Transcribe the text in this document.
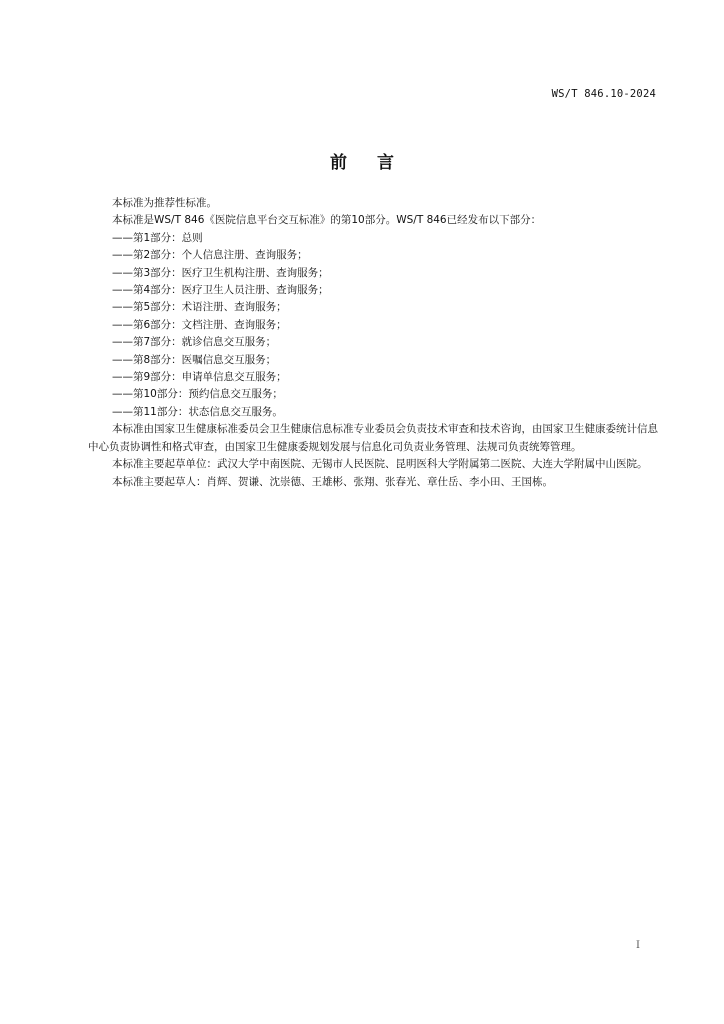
WS/T 846.10-2024
前言

本标准为推荐性标准。

本标准是WS/T 846《医院信息平台交互标准》的第10部分。WS/T 846已经发布以下部分：

——第1部分：总则

——第2部分：个人信息注册、查询服务；

——第3部分：医疗卫生机构注册、查询服务；

——第4部分：医疗卫生人员注册、查询服务；

——第5部分：术语注册、查询服务；

——第6部分：文档注册、查询服务；

——第7部分：就诊信息交互服务；

——第8部分：医嘱信息交互服务；

——第9部分：申请单信息交互服务；

——第10部分：预约信息交互服务；

——第11部分：状态信息交互服务。

本标准由国家卫生健康标准委员会卫生健康信息标准专业委员会负责技术审查和技术咨询，由国家卫生健康委统计信息中心负责协调性和格式审查，由国家卫生健康委规划发展与信息化司负责业务管理、法规司负责统筹管理。

本标准主要起草单位：武汉大学中南医院、无锡市人民医院、昆明医科大学附属第二医院、大连大学附属中山医院。

本标准主要起草人：肖辉、贺谦、沈崇德、王雄彬、张翔、张春光、章仕岳、李小田、王国栋。

I
